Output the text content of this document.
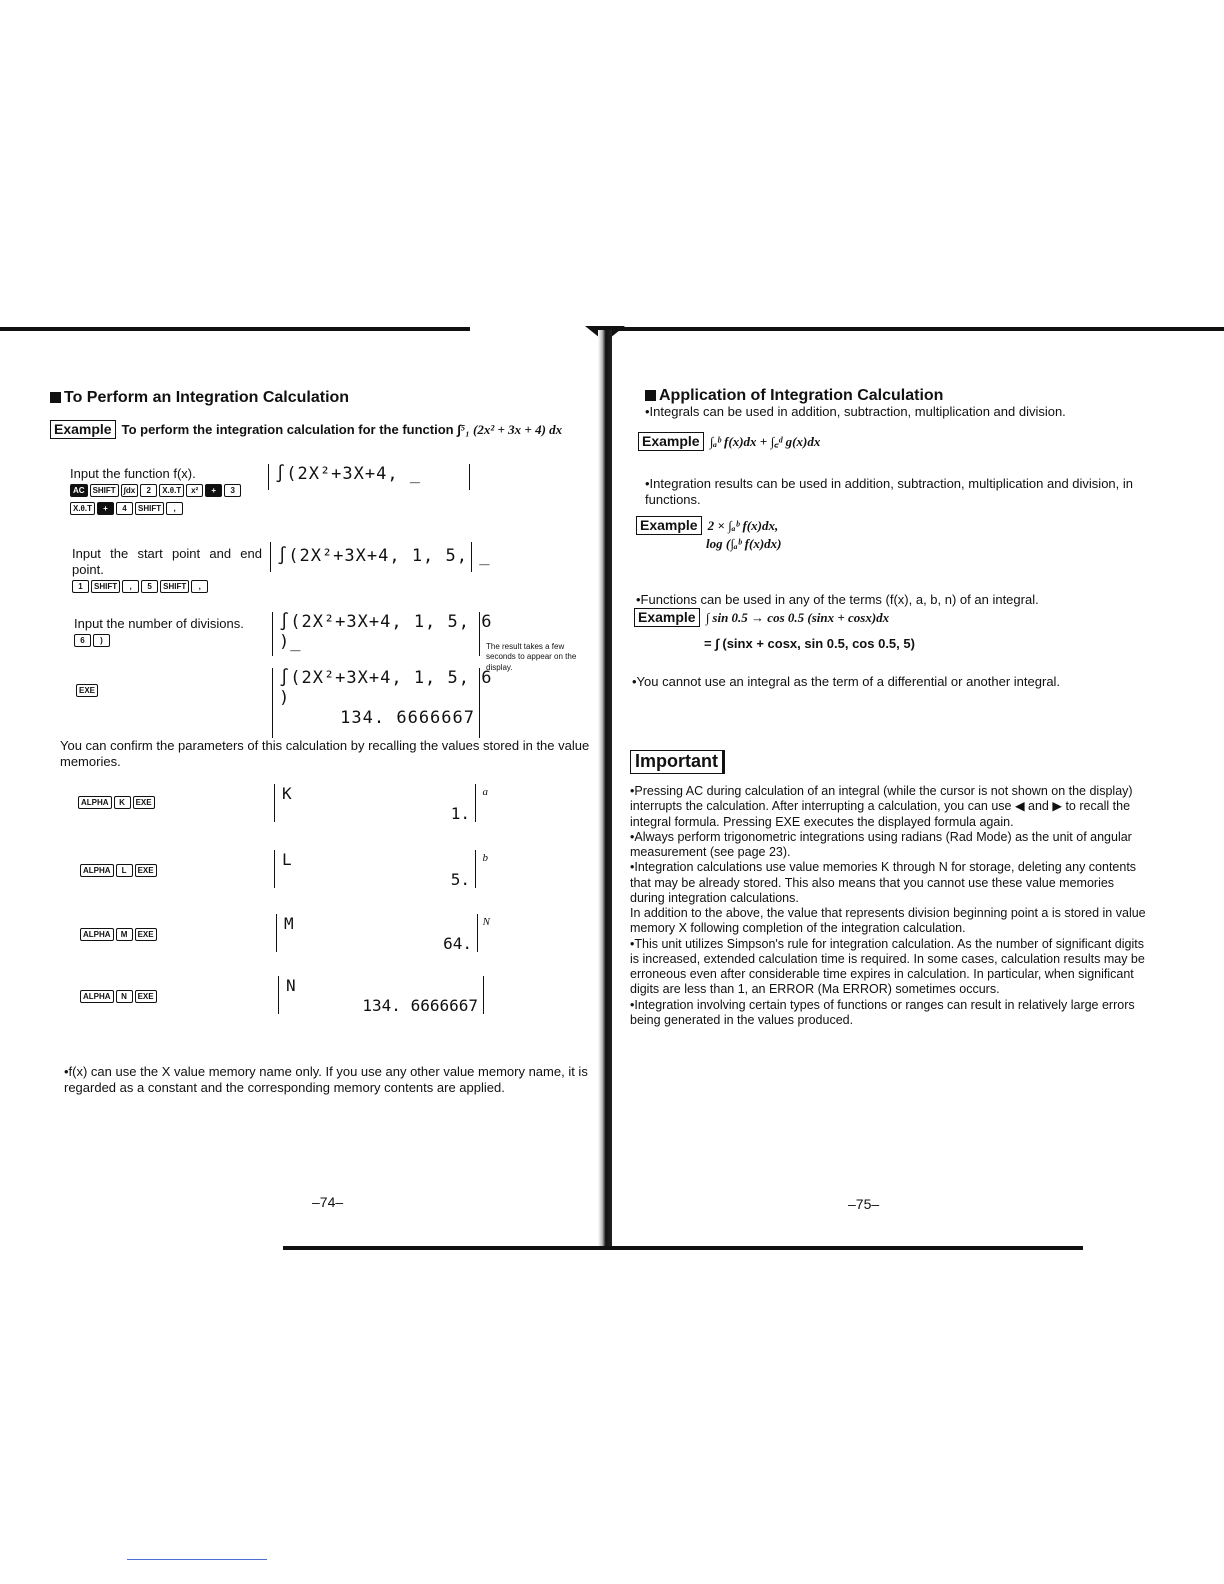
To Perform an Integration Calculation
Example To perform the integration calculation for the function ∫⁵₁ (2x² + 3x + 4) dx
Input the function f(x).
AC	SHIFT	∫dx	2	X.θ.T	x²	+	3
X.θ.T	+	4	SHIFT	,
∫(2X²+3X+4, _
Input the start point and end point.
1	SHIFT	,	5	SHIFT	,
∫(2X²+3X+4, 1, 5, _
Input the number of divisions.
6	)
∫(2X²+3X+4, 1, 5, 6
)_
EXE
∫(2X²+3X+4, 1, 5, 6
)
134. 6666667
The result takes a few seconds to appear on the display.
You can confirm the parameters of this calculation by recalling the values stored in the value memories.
ALPHA	K	EXE	K
1.
a
ALPHA	L	EXE
L
5.
b
ALPHA	M	EXE
M
64.
N
ALPHA	N	EXE
N
134. 6666667
•f(x) can use the X value memory name only. If you use any other value memory name, it is regarded as a constant and the corresponding memory contents are applied.
–74–
Application of Integration Calculation
•Integrals can be used in addition, subtraction, multiplication and division.
Example ∫ₐᵇ f(x)dx + ∫꜀ᵈ g(x)dx
•Integration results can be used in addition, subtraction, multiplication and division, in functions.
Example 2 × ∫ₐᵇ f(x)dx,
log (∫ₐᵇ f(x)dx)
•Functions can be used in any of the terms (f(x), a, b, n) of an integral.
Example ∫ sin 0.5 → cos 0.5 (sinx + cosx)dx
= ∫ (sinx + cosx, sin 0.5, cos 0.5, 5)
•You cannot use an integral as the term of a differential or another integral.
Important
•Pressing AC during calculation of an integral (while the cursor is not shown on the display) interrupts the calculation. After interrupting a calculation, you can use ◀ and ▶ to recall the integral formula. Pressing EXE executes the displayed formula again.
•Always perform trigonometric integrations using radians (Rad Mode) as the unit of angular measurement (see page 23).
•Integration calculations use value memories K through N for storage, deleting any contents that may be already stored. This also means that you cannot use these value memories during integration calculations.
In addition to the above, the value that represents division beginning point a is stored in value memory X following completion of the integration calculation.
•This unit utilizes Simpson's rule for integration calculation. As the number of significant digits is increased, extended calculation time is required. In some cases, calculation results may be erroneous even after considerable time expires in calculation. In particular, when significant digits are less than 1, an ERROR (Ma ERROR) sometimes occurs.
•Integration involving certain types of functions or ranges can result in relatively large errors being generated in the values produced.
–75–
